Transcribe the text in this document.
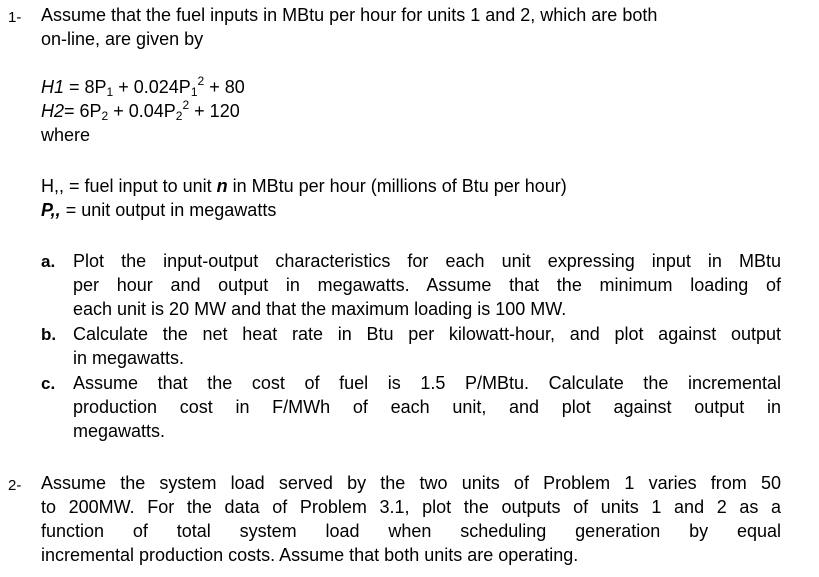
1- Assume that the fuel inputs in MBtu per hour for units 1 and 2, which are both
on-line, are given by
$H1 = 8P_1 + 0.024P_1^2 + 80$
$H2= 6P_2 + 0.04P_2^2 + 120$
where
H,, = fuel input to unit n in MBtu per hour (millions of Btu per hour)
P,, = unit output in megawatts
a. Plot the input-output characteristics for each unit expressing input in MBtu
per hour and output in megawatts. Assume that the minimum loading of
each unit is 20 MW and that the maximum loading is 100 MW.
b. Calculate the net heat rate in Btu per kilowatt-hour, and plot against output
in megawatts.
c. Assume that the cost of fuel is 1.5 P/MBtu. Calculate the incremental
production cost in F/MWh of each unit, and plot against output in
megawatts.
2- Assume the system load served by the two units of Problem 1 varies from 50
to 200MW. For the data of Problem 3.1, plot the outputs of units 1 and 2 as a
function of total system load when scheduling generation by equal
incremental production costs. Assume that both units are operating.
